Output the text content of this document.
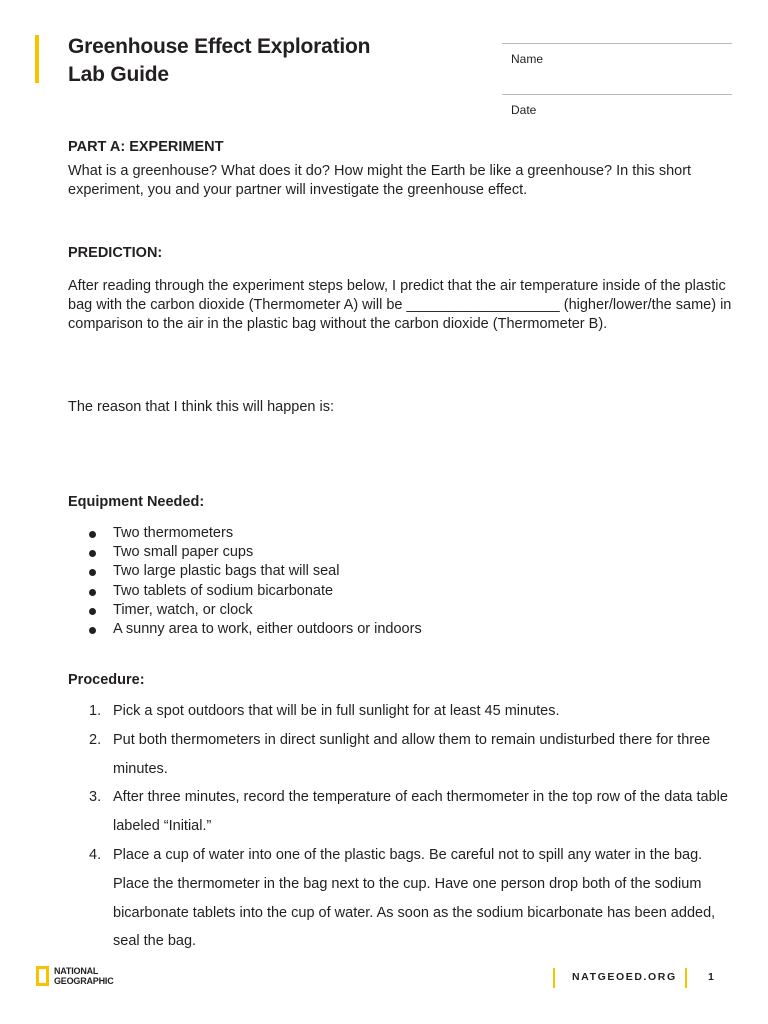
Greenhouse Effect Exploration
Lab Guide
Name
Date
PART A: EXPERIMENT

What is a greenhouse? What does it do? How might the Earth be like a greenhouse? In this short experiment, you and your partner will investigate the greenhouse effect.

PREDICTION:

After reading through the experiment steps below, I predict that the air temperature inside of the plastic bag with the carbon dioxide (Thermometer A) will be ___________________ (higher/lower/the same) in comparison to the air in the plastic bag without the carbon dioxide (Thermometer B).

The reason that I think this will happen is:

Equipment Needed:
Two thermometers
Two small paper cups
Two large plastic bags that will seal
Two tablets of sodium bicarbonate
Timer, watch, or clock
A sunny area to work, either outdoors or indoors
Procedure:
1. Pick a spot outdoors that will be in full sunlight for at least 45 minutes.
2. Put both thermometers in direct sunlight and allow them to remain undisturbed there for three minutes.
3. After three minutes, record the temperature of each thermometer in the top row of the data table labeled “Initial.”
4. Place a cup of water into one of the plastic bags. Be careful not to spill any water in the bag. Place the thermometer in the bag next to the cup. Have one person drop both of the sodium bicarbonate tablets into the cup of water. As soon as the sodium bicarbonate has been added, seal the bag.
NATIONAL
GEOGRAPHIC	NATGEOED.ORG	1
